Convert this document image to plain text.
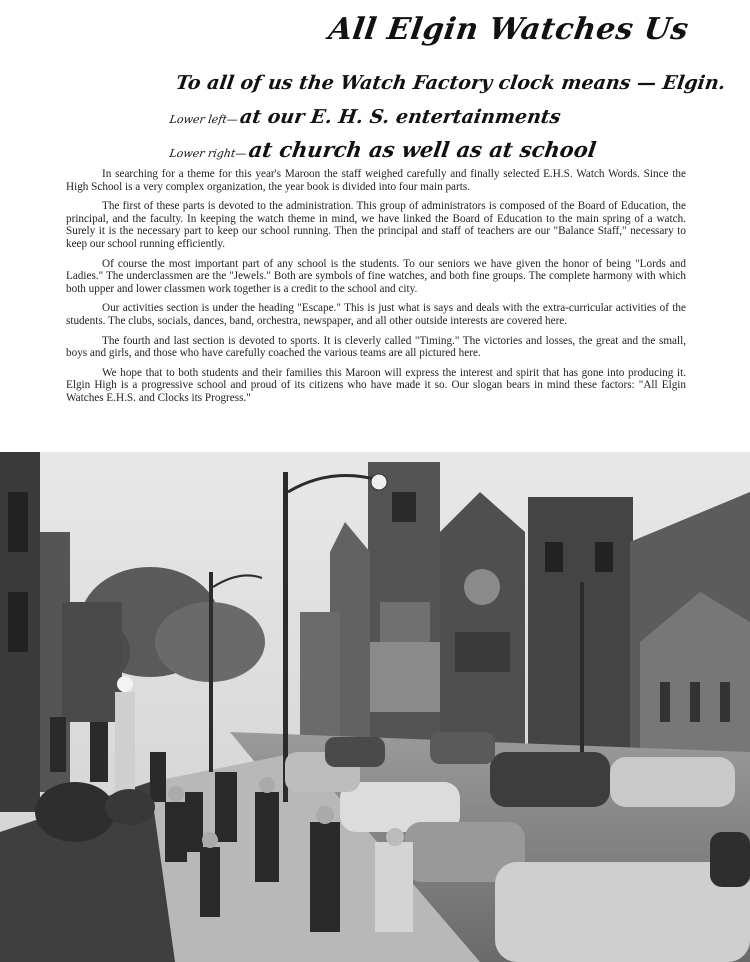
All Elgin Watches Us
To all of us the Watch Factory clock means — Elgin.
Lower left—at our E. H. S. entertainments
Lower right—at church as well as at school

In searching for a theme for this year's Maroon the staff weighed carefully and finally selected E.H.S. Watch Words. Since the High School is a very complex organization, the year book is divided into four main parts.

The first of these parts is devoted to the administration. This group of administrators is composed of the Board of Education, the principal, and the faculty. In keeping the watch theme in mind, we have linked the Board of Education to the main spring of a watch. Surely it is the necessary part to keep our school running. Then the principal and staff of teachers are our "Balance Staff," necessary to keep our school running efficiently.

Of course the most important part of any school is the students. To our seniors we have given the honor of being "Lords and Ladies." The underclassmen are the "Jewels." Both are symbols of fine watches, and both fine groups. The complete harmony with which both upper and lower classmen work together is a credit to the school and city.

Our activities section is under the heading "Escape." This is just what is says and deals with the extra-curricular activities of the students. The clubs, socials, dances, band, orchestra, newspaper, and all other outside interests are covered here.

The fourth and last section is devoted to sports. It is cleverly called "Timing." The victories and losses, the great and the small, boys and girls, and those who have carefully coached the various teams are all pictured here.

We hope that to both students and their families this Maroon will express the interest and spirit that has gone into producing it. Elgin High is a progressive school and proud of its citizens who have made it so. Our slogan bears in mind these factors: "All Elgin Watches E.H.S. and Clocks its Progress."
